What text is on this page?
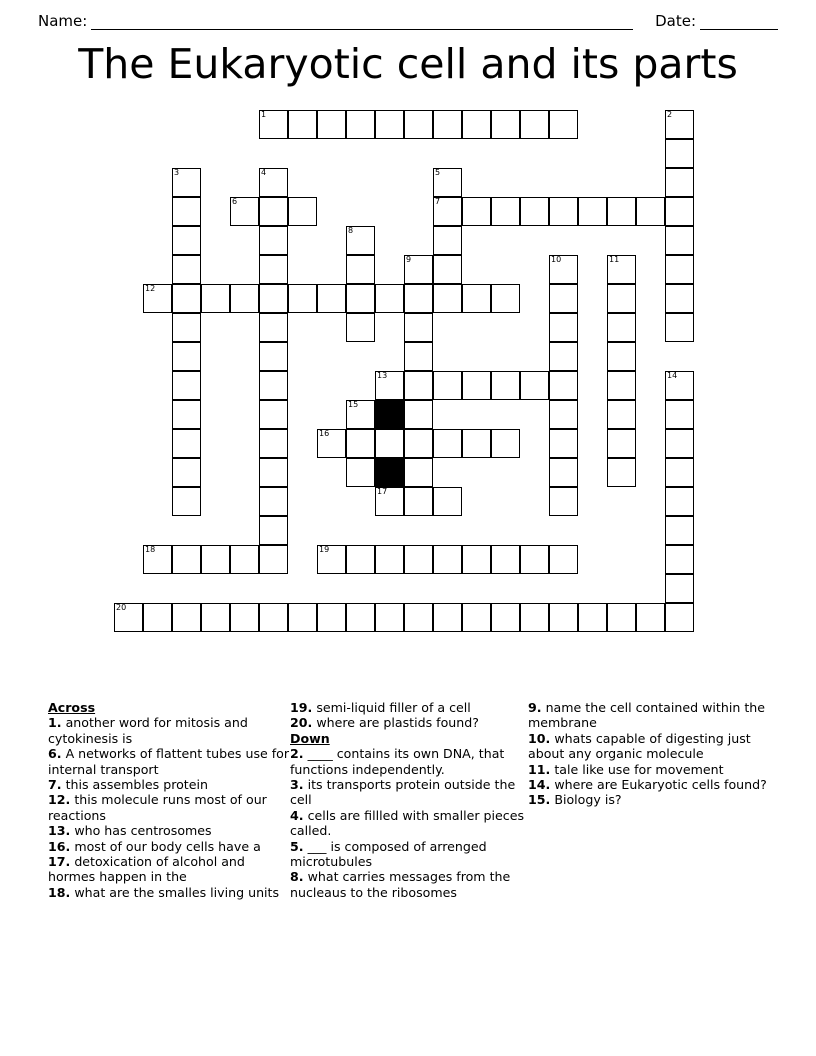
Name:	Date:
The Eukaryotic cell and its parts
1	2
3	4	5
6	7
8
9	10	11
12
13	14
15
16
17
18	19
20
Across
1. another word for mitosis and cytokinesis is
6. A networks of flattent tubes use for internal transport
7. this assembles protein
12. this molecule runs most of our reactions
13. who has centrosomes
16. most of our body cells have a
17. detoxication of alcohol and hormes happen in the
18. what are the smalles living units
19. semi-liquid filler of a cell
20. where are plastids found?
Down
2. ____ contains its own DNA, that functions independently.
3. its transports protein outside the cell
4. cells are fillled with smaller pieces called.
5. ___ is composed of arrenged microtubules
8. what carries messages from the nucleaus to the ribosomes
9. name the cell contained within the membrane
10. whats capable of digesting just about any organic molecule
11. tale like use for movement
14. where are Eukaryotic cells found?
15. Biology is?
